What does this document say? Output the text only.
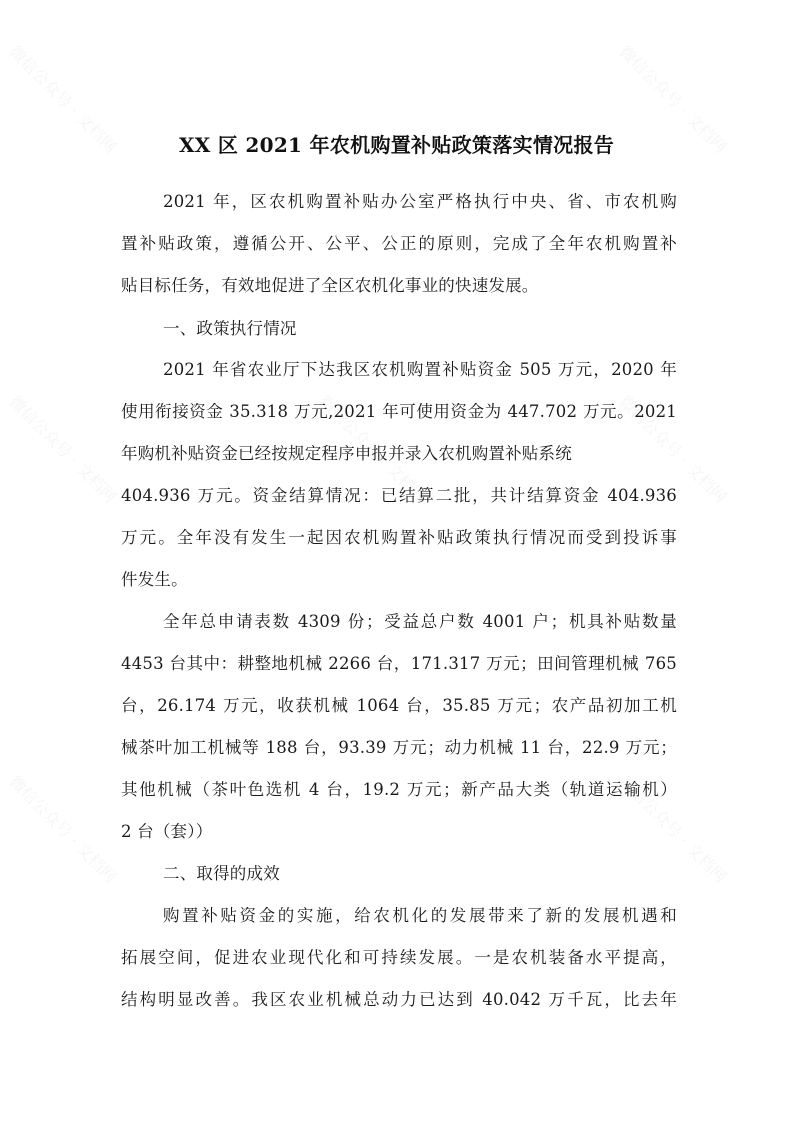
微信公众号 · 文档网	微信公众号 · 文档网
微信公众号 · 文档网	微信公众号 · 文档网	微信公众号 · 文档网
微信公众号 · 文档网	微信公众号 · 文档网
XX 区 2021 年农机购置补贴政策落实情况报告
2021 年，区农机购置补贴办公室严格执行中央、省、市农机购
置补贴政策，遵循公开、公平、公正的原则，完成了全年农机购置补
贴目标任务，有效地促进了全区农机化事业的快速发展。
一、政策执行情况
2021 年省农业厅下达我区农机购置补贴资金 505 万元，2020 年
使用衔接资金 35.318 万元,2021 年可使用资金为 447.702 万元。2021
年购机补贴资金已经按规定程序申报并录入农机购置补贴系统
404.936 万元。资金结算情况：已结算二批，共计结算资金 404.936
万元。全年没有发生一起因农机购置补贴政策执行情况而受到投诉事
件发生。
全年总申请表数 4309 份；受益总户数 4001 户；机具补贴数量
4453 台其中：耕整地机械 2266 台，171.317 万元；田间管理机械 765
台，26.174 万元，收获机械 1064 台，35.85 万元；农产品初加工机
械茶叶加工机械等 188 台，93.39 万元；动力机械 11 台，22.9 万元；
其他机械（茶叶色选机 4 台，19.2 万元；新产品大类（轨道运输机）
2 台（套））
二、取得的成效
购置补贴资金的实施，给农机化的发展带来了新的发展机遇和
拓展空间，促进农业现代化和可持续发展。一是农机装备水平提高，
结构明显改善。我区农业机械总动力已达到 40.042 万千瓦，比去年
